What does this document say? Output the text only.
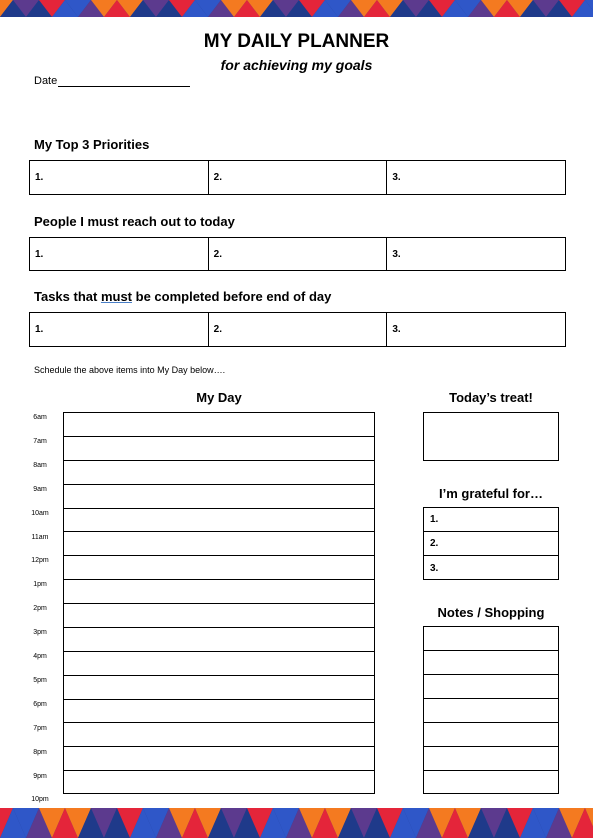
MY DAILY PLANNER
for achieving my goals
Date
My Top 3 Priorities
1.	2.	3.
People I must reach out to today
1.	2.	3.
Tasks that must be completed before end of day
1.	2.	3.
Schedule the above items into My Day below….
My Day
6am
7am
8am
9am
10am
11am
12pm
1pm
2pm
3pm
4pm
5pm
6pm
7pm
8pm
9pm
10pm
Today’s treat!
I’m grateful for…
1.
2.
3.
Notes / Shopping
